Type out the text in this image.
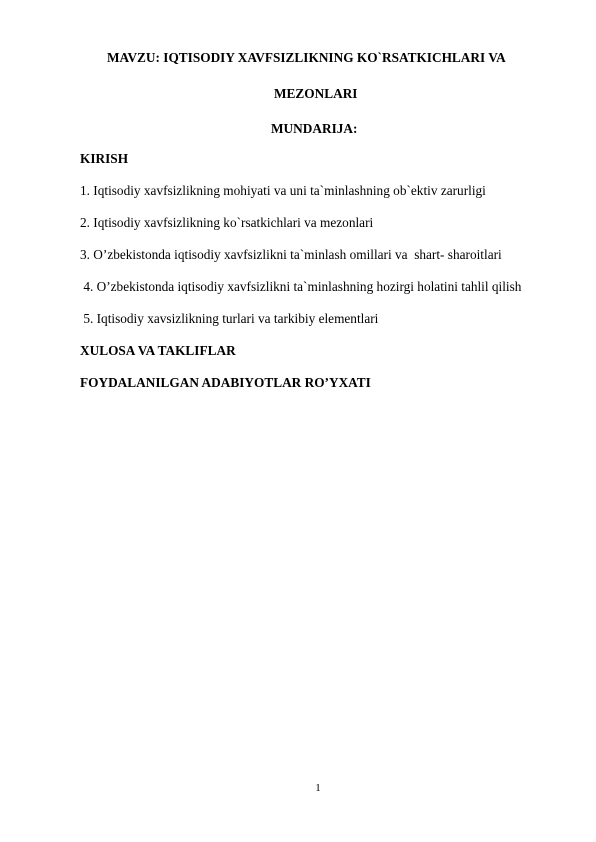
MAVZU: IQTISODIY XAVFSIZLIKNING KO`RSATKICHLARI VA
MEZONLARI
MUNDARIJA:
KIRISH
1. Iqtisodiy xavfsizlikning mohiyati va uni ta`minlashning ob`ektiv zarurligi
2. Iqtisodiy xavfsizlikning ko`rsatkichlari va mezonlari
3. O’zbekistonda iqtisodiy xavfsizlikni ta`minlash omillari va  shart- sharoitlari
4. O’zbekistonda iqtisodiy xavfsizlikni ta`minlashning hozirgi holatini tahlil qilish
5. Iqtisodiy xavsizlikning turlari va tarkibiy elementlari
XULOSA VA TAKLIFLAR
FOYDALANILGAN ADABIYOTLAR RO’YXATI
1
